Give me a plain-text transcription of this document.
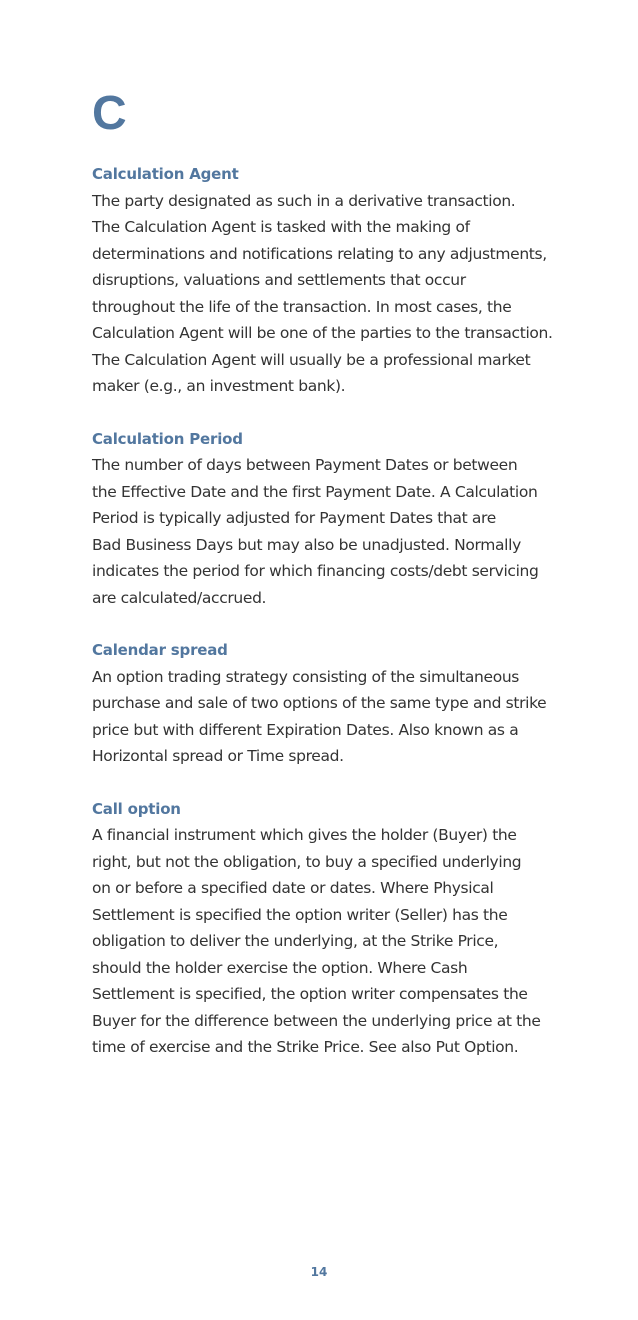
C
Calculation Agent
The party designated as such in a derivative transaction.
The Calculation Agent is tasked with the making of
determinations and notifications relating to any adjustments,
disruptions, valuations and settlements that occur
throughout the life of the transaction. In most cases, the
Calculation Agent will be one of the parties to the transaction.
The Calculation Agent will usually be a professional market
maker (e.g., an investment bank).
Calculation Period
The number of days between Payment Dates or between
the Effective Date and the first Payment Date. A Calculation
Period is typically adjusted for Payment Dates that are
Bad Business Days but may also be unadjusted. Normally
indicates the period for which financing costs/debt servicing
are calculated/accrued.
Calendar spread
An option trading strategy consisting of the simultaneous
purchase and sale of two options of the same type and strike
price but with different Expiration Dates. Also known as a
Horizontal spread or Time spread.
Call option
A financial instrument which gives the holder (Buyer) the
right, but not the obligation, to buy a specified underlying
on or before a specified date or dates. Where Physical
Settlement is specified the option writer (Seller) has the
obligation to deliver the underlying, at the Strike Price,
should the holder exercise the option. Where Cash
Settlement is specified, the option writer compensates the
Buyer for the difference between the underlying price at the
time of exercise and the Strike Price. See also Put Option.
14
